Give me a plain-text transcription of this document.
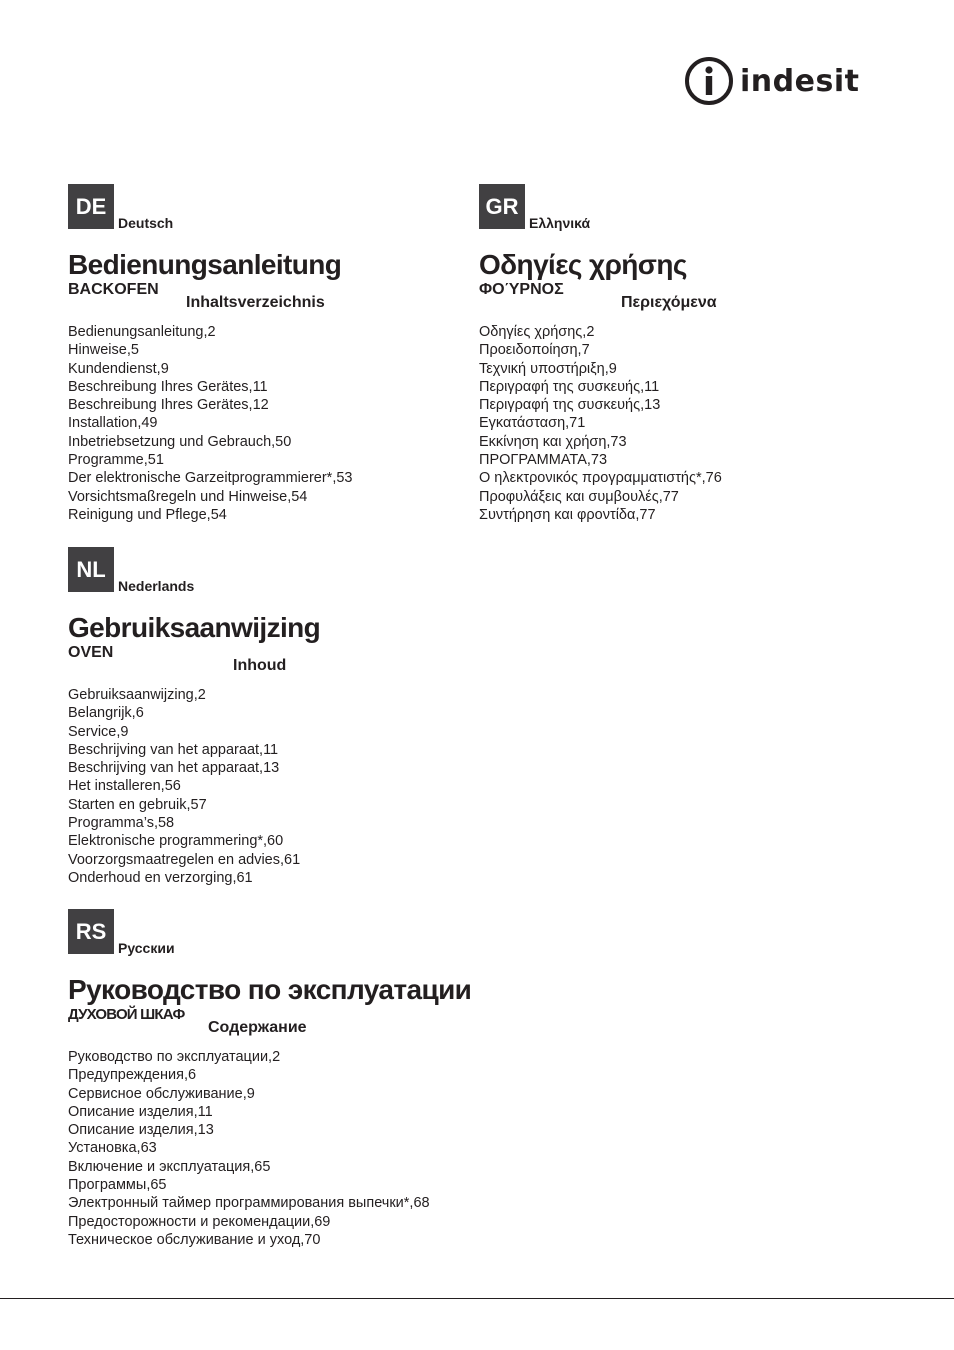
indesit
DE
Deutsch
Bedienungsanleitung
BACKOFEN
Inhaltsverzeichnis
Bedienungsanleitung,2
Hinweise,5
Kundendienst,9
Beschreibung Ihres Gerätes,11
Beschreibung Ihres Gerätes,12
Installation,49
Inbetriebsetzung und Gebrauch,50
Programme,51
Der elektronische Garzeitprogrammierer*,53
Vorsichtsmaßregeln und Hinweise,54
Reinigung und Pflege,54
GR
Ελληνικά
Οδηγίες χρήσης
ΦΟΎΡΝΟΣ
Περιεχόμενα
Οδηγίες χρήσης,2
Προειδοποίηση,7
Τεχνική υποστήριξη,9
Περιγραφή της συσκευής,11
Περιγραφή της συσκευής,13
Εγκατάσταση,71
Εκκίνηση και χρήση,73
ΠΡΟΓΡΑΜΜΑΤΑ,73
Ο ηλεκτρονικός προγραμματιστής*,76
Προφυλάξεις και συμβουλές,77
Συντήρηση και φροντίδα,77
NL
Nederlands
Gebruiksaanwijzing
OVEN
Inhoud
Gebruiksaanwijzing,2
Belangrijk,6
Service,9
Beschrijving van het apparaat,11
Beschrijving van het apparaat,13
Het installeren,56
Starten en gebruik,57
Programma’s,58
Elektronische programmering*,60
Voorzorgsmaatregelen en advies,61
Onderhoud en verzorging,61
RS
Русскии
Руководство по эксплуатации
ДУХОВОЙ ШКАФ
Содержание
Руководство по эксплуатации,2
Предупреждения,6
Сервисное обслуживание,9
Описание изделия,11
Описание изделия,13
Установка,63
Включение и эксплуатация,65
Программы,65
Электронный таймер программирования выпечки*,68
Предосторожности и рекомендации,69
Техническое обслуживание и уход,70
